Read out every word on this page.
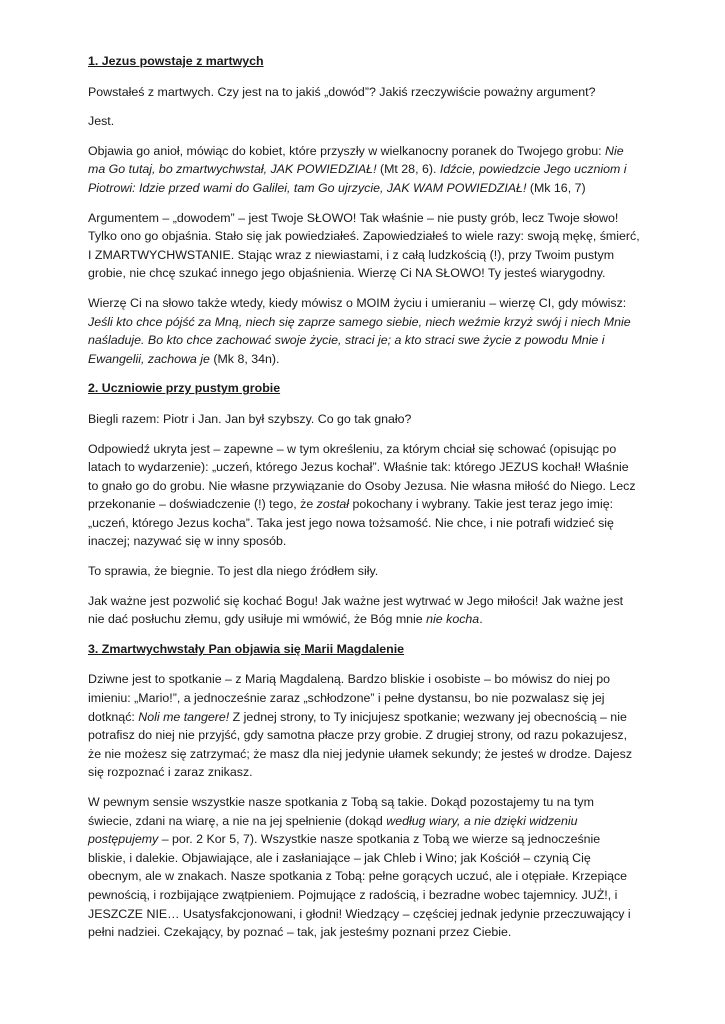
1. Jezus powstaje z martwych

Powstałeś z martwych. Czy jest na to jakiś „dowód”? Jakiś rzeczywiście poważny argument?

Jest.

Objawia go anioł, mówiąc do kobiet, które przyszły w wielkanocny poranek do Twojego grobu: Nie ma Go tutaj, bo zmartwychwstał, JAK POWIEDZIAŁ! (Mt 28, 6). Idźcie, powiedzcie Jego uczniom i Piotrowi: Idzie przed wami do Galilei, tam Go ujrzycie, JAK WAM POWIEDZIAŁ! (Mk 16, 7)

Argumentem – „dowodem” – jest Twoje SŁOWO! Tak właśnie – nie pusty grób, lecz Twoje słowo! Tylko ono go objaśnia. Stało się jak powiedziałeś. Zapowiedziałeś to wiele razy: swoją mękę, śmierć, I ZMARTWYCHWSTANIE. Stając wraz z niewiastami, i z całą ludzkością (!), przy Twoim pustym grobie, nie chcę szukać innego jego objaśnienia. Wierzę Ci NA SŁOWO! Ty jesteś wiarygodny.

Wierzę Ci na słowo także wtedy, kiedy mówisz o MOIM życiu i umieraniu – wierzę CI, gdy mówisz: Jeśli kto chce pójść za Mną, niech się zaprze samego siebie, niech weźmie krzyż swój i niech Mnie naśladuje. Bo kto chce zachować swoje życie, straci je; a kto straci swe życie z powodu Mnie i Ewangelii, zachowa je (Mk 8, 34n).

2. Uczniowie przy pustym grobie

Biegli razem: Piotr i Jan. Jan był szybszy. Co go tak gnało?

Odpowiedź ukryta jest – zapewne – w tym określeniu, za którym chciał się schować (opisując po latach to wydarzenie): „uczeń, którego Jezus kochał”. Właśnie tak: którego JEZUS kochał! Właśnie to gnało go do grobu. Nie własne przywiązanie do Osoby Jezusa. Nie własna miłość do Niego. Lecz przekonanie – doświadczenie (!) tego, że został pokochany i wybrany. Takie jest teraz jego imię: „uczeń, którego Jezus kocha”. Taka jest jego nowa tożsamość. Nie chce, i nie potrafi widzieć się inaczej; nazywać się w inny sposób.

To sprawia, że biegnie. To jest dla niego źródłem siły.

Jak ważne jest pozwolić się kochać Bogu! Jak ważne jest wytrwać w Jego miłości! Jak ważne jest nie dać posłuchu złemu, gdy usiłuje mi wmówić, że Bóg mnie nie kocha.

3. Zmartwychwstały Pan objawia się Marii Magdalenie

Dziwne jest to spotkanie – z Marią Magdaleną. Bardzo bliskie i osobiste – bo mówisz do niej po imieniu: „Mario!”, a jednocześnie zaraz „schłodzone” i pełne dystansu, bo nie pozwalasz się jej dotknąć: Noli me tangere! Z jednej strony, to Ty inicjujesz spotkanie; wezwany jej obecnością – nie potrafisz do niej nie przyjść, gdy samotna płacze przy grobie. Z drugiej strony, od razu pokazujesz, że nie możesz się zatrzymać; że masz dla niej jedynie ułamek sekundy; że jesteś w drodze. Dajesz się rozpoznać i zaraz znikasz.

W pewnym sensie wszystkie nasze spotkania z Tobą są takie. Dokąd pozostajemy tu na tym świecie, zdani na wiarę, a nie na jej spełnienie (dokąd według wiary, a nie dzięki widzeniu postępujemy – por. 2 Kor 5, 7). Wszystkie nasze spotkania z Tobą we wierze są jednocześnie bliskie, i dalekie. Objawiające, ale i zasłaniające – jak Chleb i Wino; jak Kościół – czynią Cię obecnym, ale w znakach. Nasze spotkania z Tobą: pełne gorących uczuć, ale i otępiałe. Krzepiące pewnością, i rozbijające zwątpieniem. Pojmujące z radością, i bezradne wobec tajemnicy. JUŻ!, i JESZCZE NIE… Usatysfakcjonowani, i głodni! Wiedzący – częściej jednak jedynie przeczuwający i pełni nadziei. Czekający, by poznać – tak, jak jesteśmy poznani przez Ciebie.
